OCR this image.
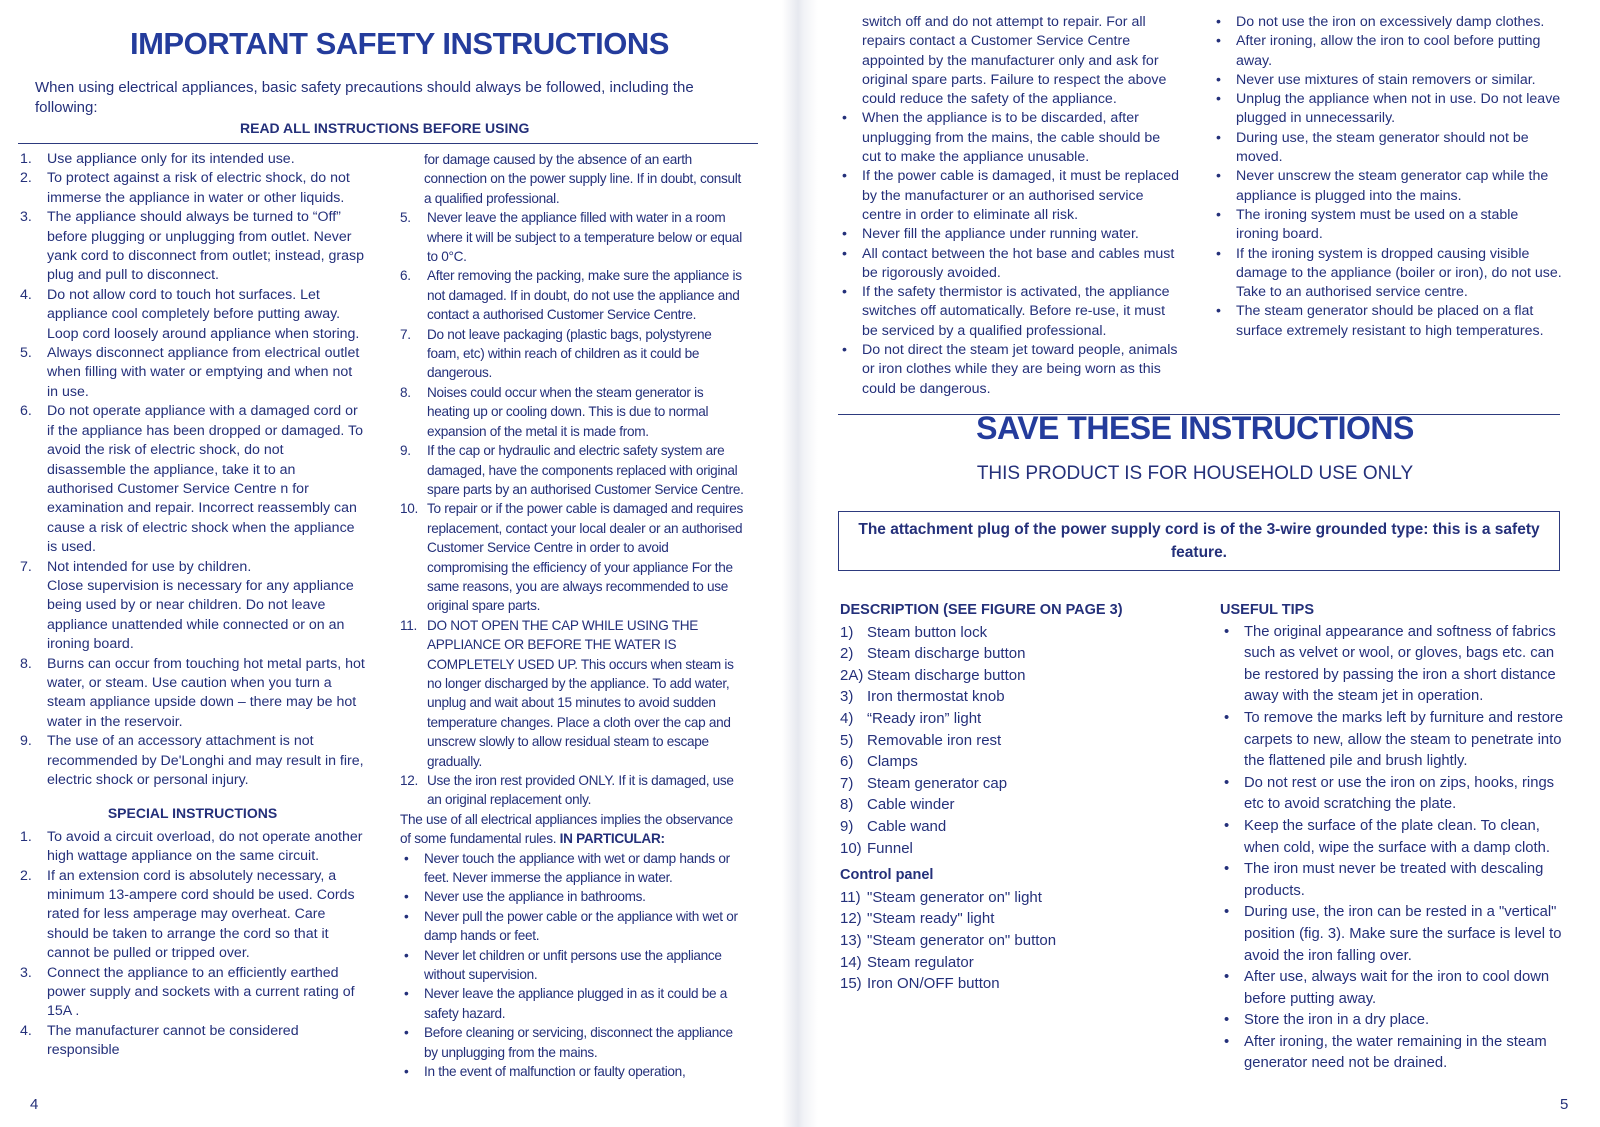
IMPORTANT SAFETY INSTRUCTIONS

When using electrical appliances, basic safety precautions should always be followed, including the following:

READ ALL INSTRUCTIONS BEFORE USING

1.	Use appliance only for its intended use.
2.	To protect against a risk of electric shock, do not immerse the appliance in water or other liquids.
3.	The appliance should always be turned to “Off” before plugging or unplugging from outlet. Never yank cord to disconnect from outlet; instead, grasp plug and pull to disconnect.
4.	Do not allow cord to touch hot surfaces. Let appliance cool completely before putting away. Loop cord loosely around appliance when storing.
5.	Always disconnect appliance from electrical outlet when filling with water or emptying and when not in use.
6.	Do not operate appliance with a damaged cord or if the appliance has been dropped or damaged. To avoid the risk of electric shock, do not disassemble the appliance, take it to an authorised Customer Service Centre n for examination and repair. Incorrect reassembly can cause a risk of electric shock when the appliance is used.
7.	Not intended for use by children.
Close supervision is necessary for any appliance being used by or near children. Do not leave appliance unattended while connected or on an ironing board.
8.	Burns can occur from touching hot metal parts, hot water, or steam. Use caution when you turn a steam appliance upside down – there may be hot water in the reservoir.
9.	The use of an accessory attachment is not recommended by De'Longhi and may result in fire, electric shock or personal injury.

SPECIAL INSTRUCTIONS

1.	To avoid a circuit overload, do not operate another high wattage appliance on the same circuit.
2.	If an extension cord is absolutely necessary, a minimum 13-ampere cord should be used. Cords rated for less amperage may overheat. Care should be taken to arrange the cord so that it cannot be pulled or tripped over.
3.	Connect the appliance to an efficiently earthed power supply and sockets with a current rating of 15A .
4.	The manufacturer cannot be considered responsible

for damage caused by the absence of an earth connection on the power supply line. If in doubt, consult a qualified professional.

5.	Never leave the appliance filled with water in a room where it will be subject to a temperature below or equal to 0°C.
6.	After removing the packing, make sure the appliance is not damaged. If in doubt, do not use the appliance and contact a authorised Customer Service Centre.
7.	Do not leave packaging (plastic bags, polystyrene foam, etc) within reach of children as it could be dangerous.
8.	Noises could occur when the steam generator is heating up or cooling down. This is due to normal expansion of the metal it is made from.
9.	If the cap or hydraulic and electric safety system are damaged, have the components replaced with original spare parts by an authorised Customer Service Centre.
10. To repair or if the power cable is damaged and requires replacement, contact your local dealer or an authorised Customer Service Centre in order to avoid compromising the efficiency of your appliance For the same reasons, you are always recommended to use original spare parts.
11. DO NOT OPEN THE CAP WHILE USING THE APPLIANCE OR BEFORE THE WATER IS COMPLETELY USED UP. This occurs when steam is no longer discharged by the appliance. To add water, unplug and wait about 15 minutes to avoid sudden temperature changes. Place a cloth over the cap and unscrew slowly to allow residual steam to escape gradually.
12. Use the iron rest provided ONLY. If it is damaged, use an original replacement only.

The use of all electrical appliances implies the observance of some fundamental rules. IN PARTICULAR:

• Never touch the appliance with wet or damp hands or feet. Never immerse the appliance in water.
• Never use the appliance in bathrooms.
• Never pull the power cable or the appliance with wet or damp hands or feet.
• Never let children or unfit persons use the appliance without supervision.
• Never leave the appliance plugged in as it could be a safety hazard.
• Before cleaning or servicing, disconnect the appliance by unplugging from the mains.
• In the event of malfunction or faulty operation,
4

switch off and do not attempt to repair. For all repairs contact a Customer Service Centre appointed by the manufacturer only and ask for original spare parts. Failure to respect the above could reduce the safety of the appliance.

• When the appliance is to be discarded, after unplugging from the mains, the cable should be cut to make the appliance unusable.
• If the power cable is damaged, it must be replaced by the manufacturer or an authorised service centre in order to eliminate all risk.
• Never fill the appliance under running water.
• All contact between the hot base and cables must be rigorously avoided.
• If the safety thermistor is activated, the appliance switches off automatically. Before re-use, it must be serviced by a qualified professional.
• Do not direct the steam jet toward people, animals or iron clothes while they are being worn as this could be dangerous.
• Do not use the iron on excessively damp clothes.
• After ironing, allow the iron to cool before putting away.
• Never use mixtures of stain removers or similar.
• Unplug the appliance when not in use. Do not leave plugged in unnecessarily.
• During use, the steam generator should not be moved.
• Never unscrew the steam generator cap while the appliance is plugged into the mains.
• The ironing system must be used on a stable ironing board.
• If the ironing system is dropped causing visible damage to the appliance (boiler or iron), do not use. Take to an authorised service centre.
• The steam generator should be placed on a flat surface extremely resistant to high temperatures.
SAVE THESE INSTRUCTIONS

THIS PRODUCT IS FOR HOUSEHOLD USE ONLY

The attachment plug of the power supply cord is of the 3-wire grounded type: this is a safety feature.

DESCRIPTION (SEE FIGURE ON PAGE 3)

1) Steam button lock
2) Steam discharge button
2A) Steam discharge button
3) Iron thermostat knob
4) “Ready iron” light
5) Removable iron rest
6) Clamps
7) Steam generator cap
8) Cable winder
9) Cable wand
10) Funnel

Control panel

11) "Steam generator on" light
12) "Steam ready" light
13) "Steam generator on" button
14) Steam regulator
15) Iron ON/OFF button

USEFUL TIPS

• The original appearance and softness of fabrics such as velvet or wool, or gloves, bags etc. can be restored by passing the iron a short distance away with the steam jet in operation.
• To remove the marks left by furniture and restore carpets to new, allow the steam to penetrate into the flattened pile and brush lightly.
• Do not rest or use the iron on zips, hooks, rings etc to avoid scratching the plate.
• Keep the surface of the plate clean. To clean, when cold, wipe the surface with a damp cloth.
• The iron must never be treated with descaling products.
• During use, the iron can be rested in a "vertical" position (fig. 3). Make sure the surface is level to avoid the iron falling over.
• After use, always wait for the iron to cool down before putting away.
• Store the iron in a dry place.
• After ironing, the water remaining in the steam generator need not be drained.
5
